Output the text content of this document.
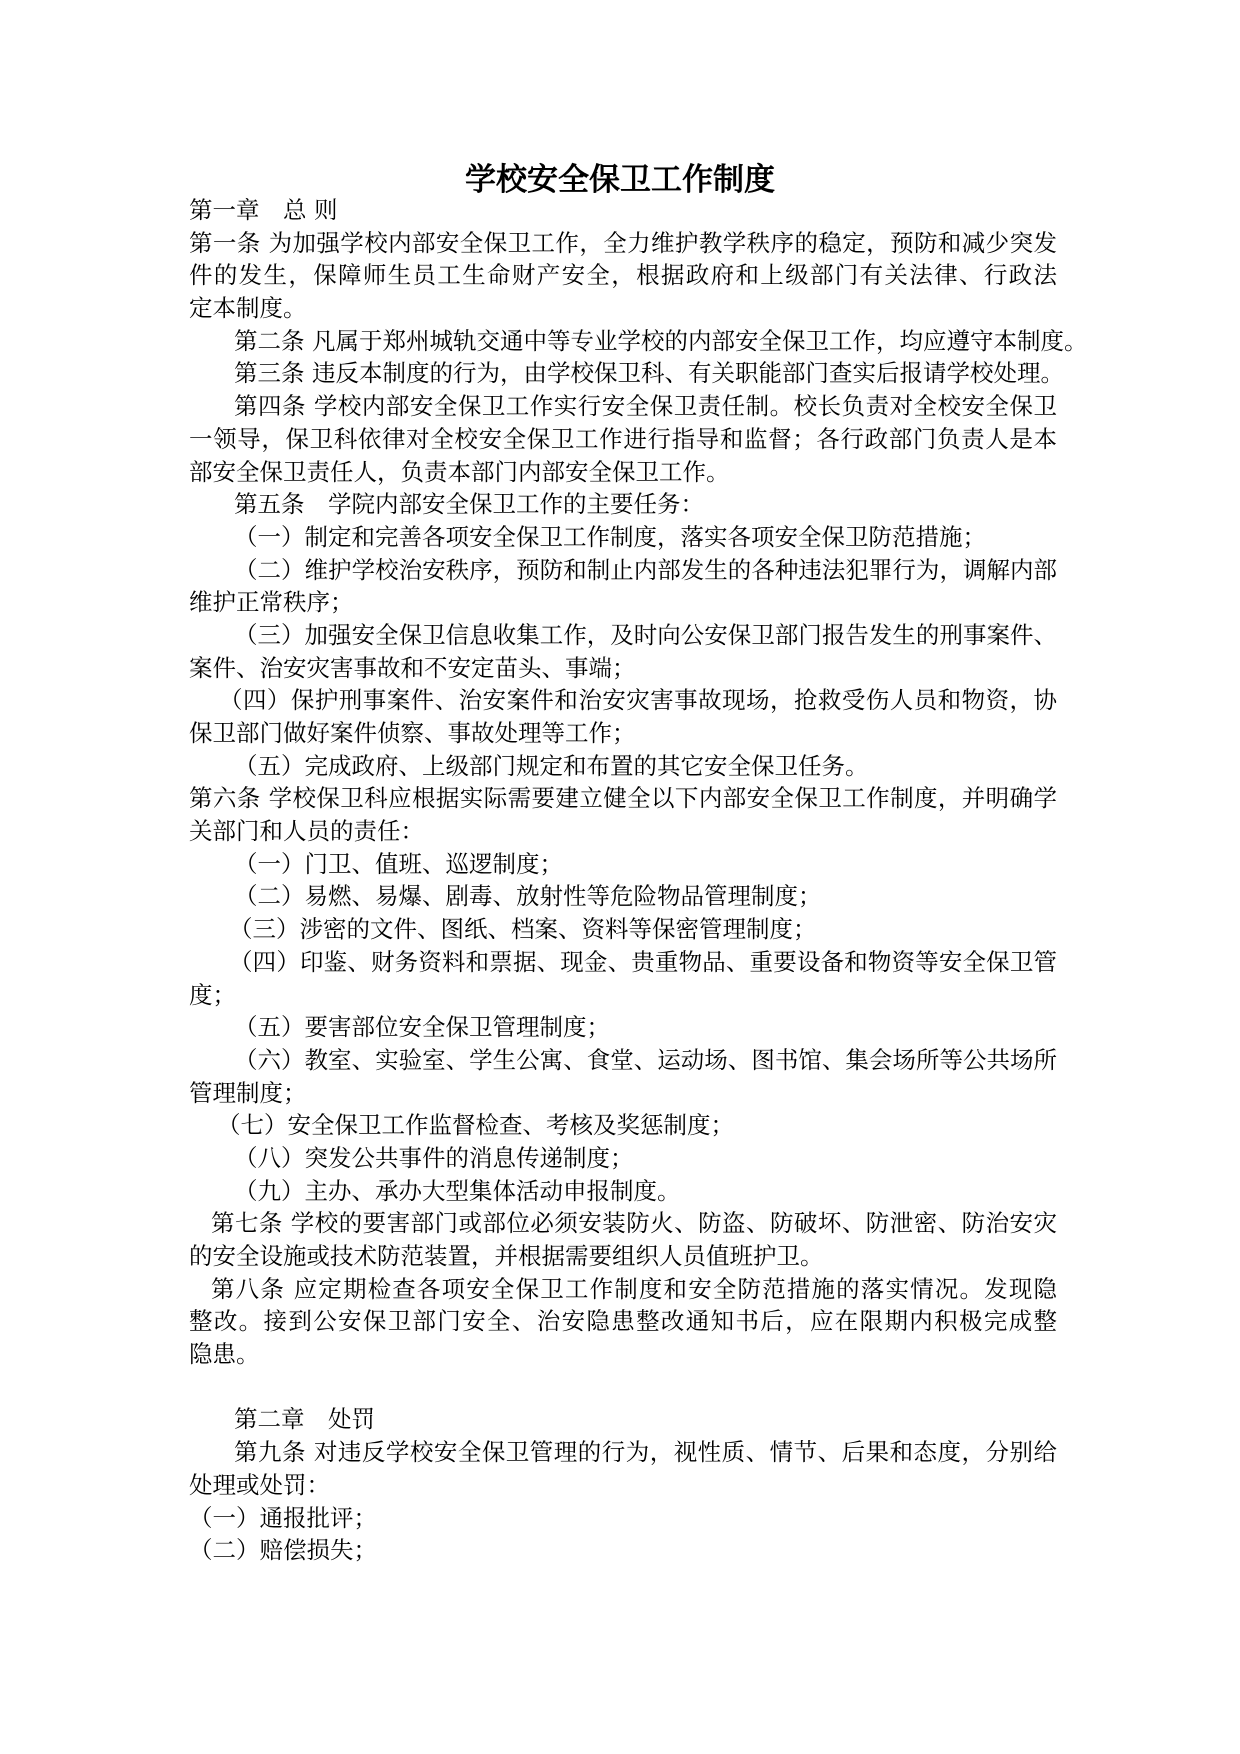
学校安全保卫工作制度
第一章　总 则
第一条 为加强学校内部安全保卫工作，全力维护教学秩序的稳定，预防和减少突发
件的发生，保障师生员工生命财产安全，根据政府和上级部门有关法律、行政法
定本制度。
第二条 凡属于郑州城轨交通中等专业学校的内部安全保卫工作，均应遵守本制度。
第三条 违反本制度的行为，由学校保卫科、有关职能部门查实后报请学校处理。
第四条 学校内部安全保卫工作实行安全保卫责任制。校长负责对全校安全保卫
一领导，保卫科依律对全校安全保卫工作进行指导和监督；各行政部门负责人是本
部安全保卫责任人，负责本部门内部安全保卫工作。
第五条　学院内部安全保卫工作的主要任务：
（一）制定和完善各项安全保卫工作制度，落实各项安全保卫防范措施；
（二）维护学校治安秩序，预防和制止内部发生的各种违法犯罪行为，调解内部
维护正常秩序；
（三）加强安全保卫信息收集工作，及时向公安保卫部门报告发生的刑事案件、
案件、治安灾害事故和不安定苗头、事端；
（四）保护刑事案件、治安案件和治安灾害事故现场，抢救受伤人员和物资，协
保卫部门做好案件侦察、事故处理等工作；
（五）完成政府、上级部门规定和布置的其它安全保卫任务。
第六条 学校保卫科应根据实际需要建立健全以下内部安全保卫工作制度，并明确学
关部门和人员的责任：
（一）门卫、值班、巡逻制度；
（二）易燃、易爆、剧毒、放射性等危险物品管理制度；
（三）涉密的文件、图纸、档案、资料等保密管理制度；
（四）印鉴、财务资料和票据、现金、贵重物品、重要设备和物资等安全保卫管
度；
（五）要害部位安全保卫管理制度；
（六）教室、实验室、学生公寓、食堂、运动场、图书馆、集会场所等公共场所
管理制度；
（七）安全保卫工作监督检查、考核及奖惩制度；
（八）突发公共事件的消息传递制度；
（九）主办、承办大型集体活动申报制度。
第七条 学校的要害部门或部位必须安装防火、防盗、防破坏、防泄密、防治安灾
的安全设施或技术防范装置，并根据需要组织人员值班护卫。
第八条 应定期检查各项安全保卫工作制度和安全防范措施的落实情况。发现隐
整改。接到公安保卫部门安全、治安隐患整改通知书后，应在限期内积极完成整
隐患。
第二章　处罚
第九条 对违反学校安全保卫管理的行为，视性质、情节、后果和态度，分别给
处理或处罚：
（一）通报批评；
（二）赔偿损失；
